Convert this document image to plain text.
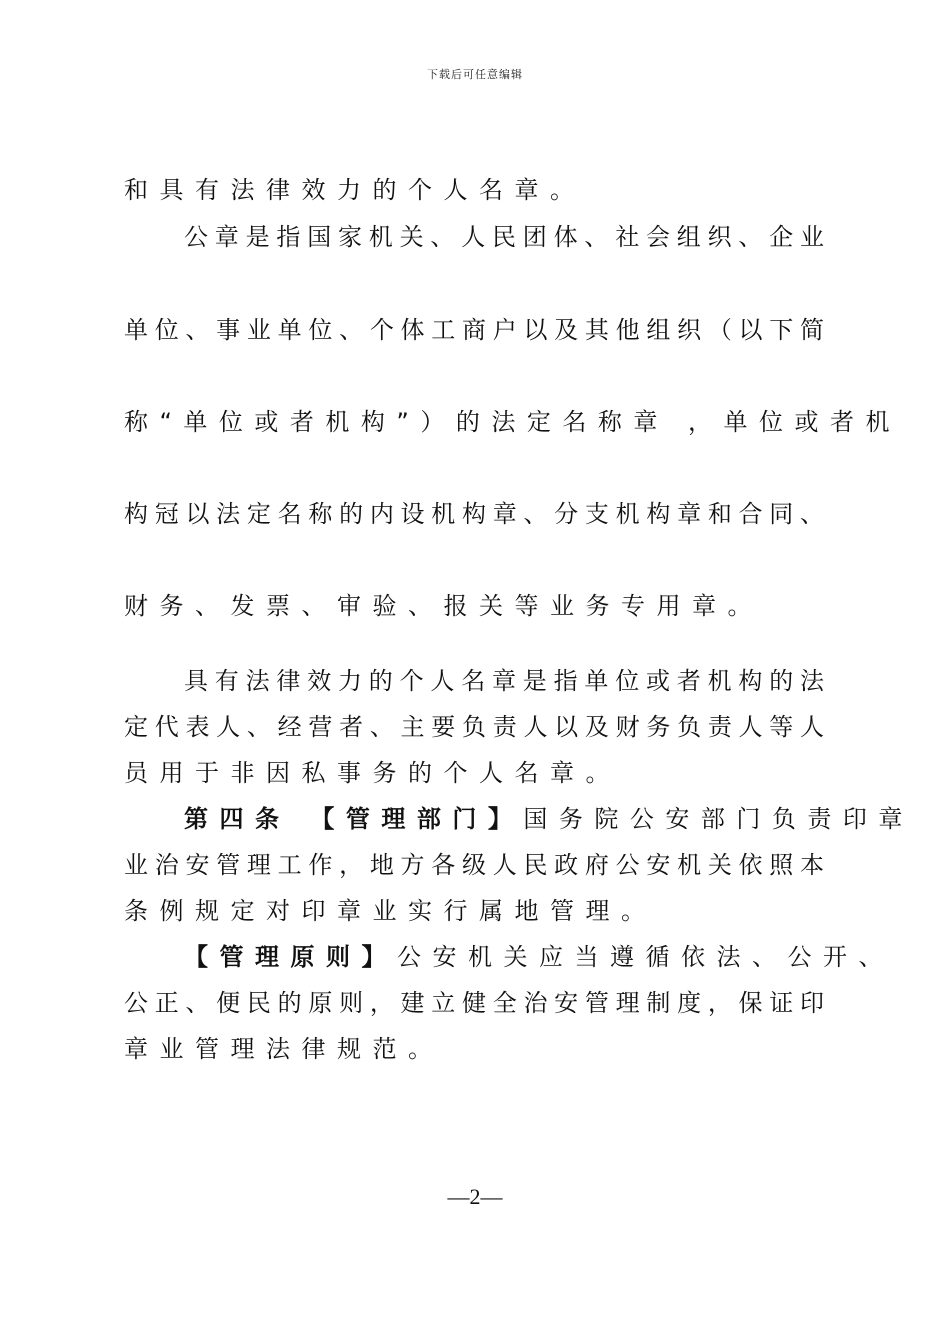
下载后可任意编辑
和具有法律效力的个人名章。
公章是指国家机关、人民团体、社会组织、企业
单位、事业单位、个体工商户以及其他组织（以下简
称“单位或者机构”）的法定名称章 ，单位或者机
构冠以法定名称的内设机构章、分支机构章和合同、
财务、发票、审验、报关等业务专用章。
具有法律效力的个人名章是指单位或者机构的法
定代表人、经营者、主要负责人以及财务负责人等人
员用于非因私事务的个人名章。
第四条 【管理部门】国务院公安部门负责印章
业治安管理工作，地方各级人民政府公安机关依照本
条例规定对印章业实行属地管理。
【管理原则】公安机关应当遵循依法、公开、
公正、便民的原则，建立健全治安管理制度，保证印
章业管理法律规范。
—2—
